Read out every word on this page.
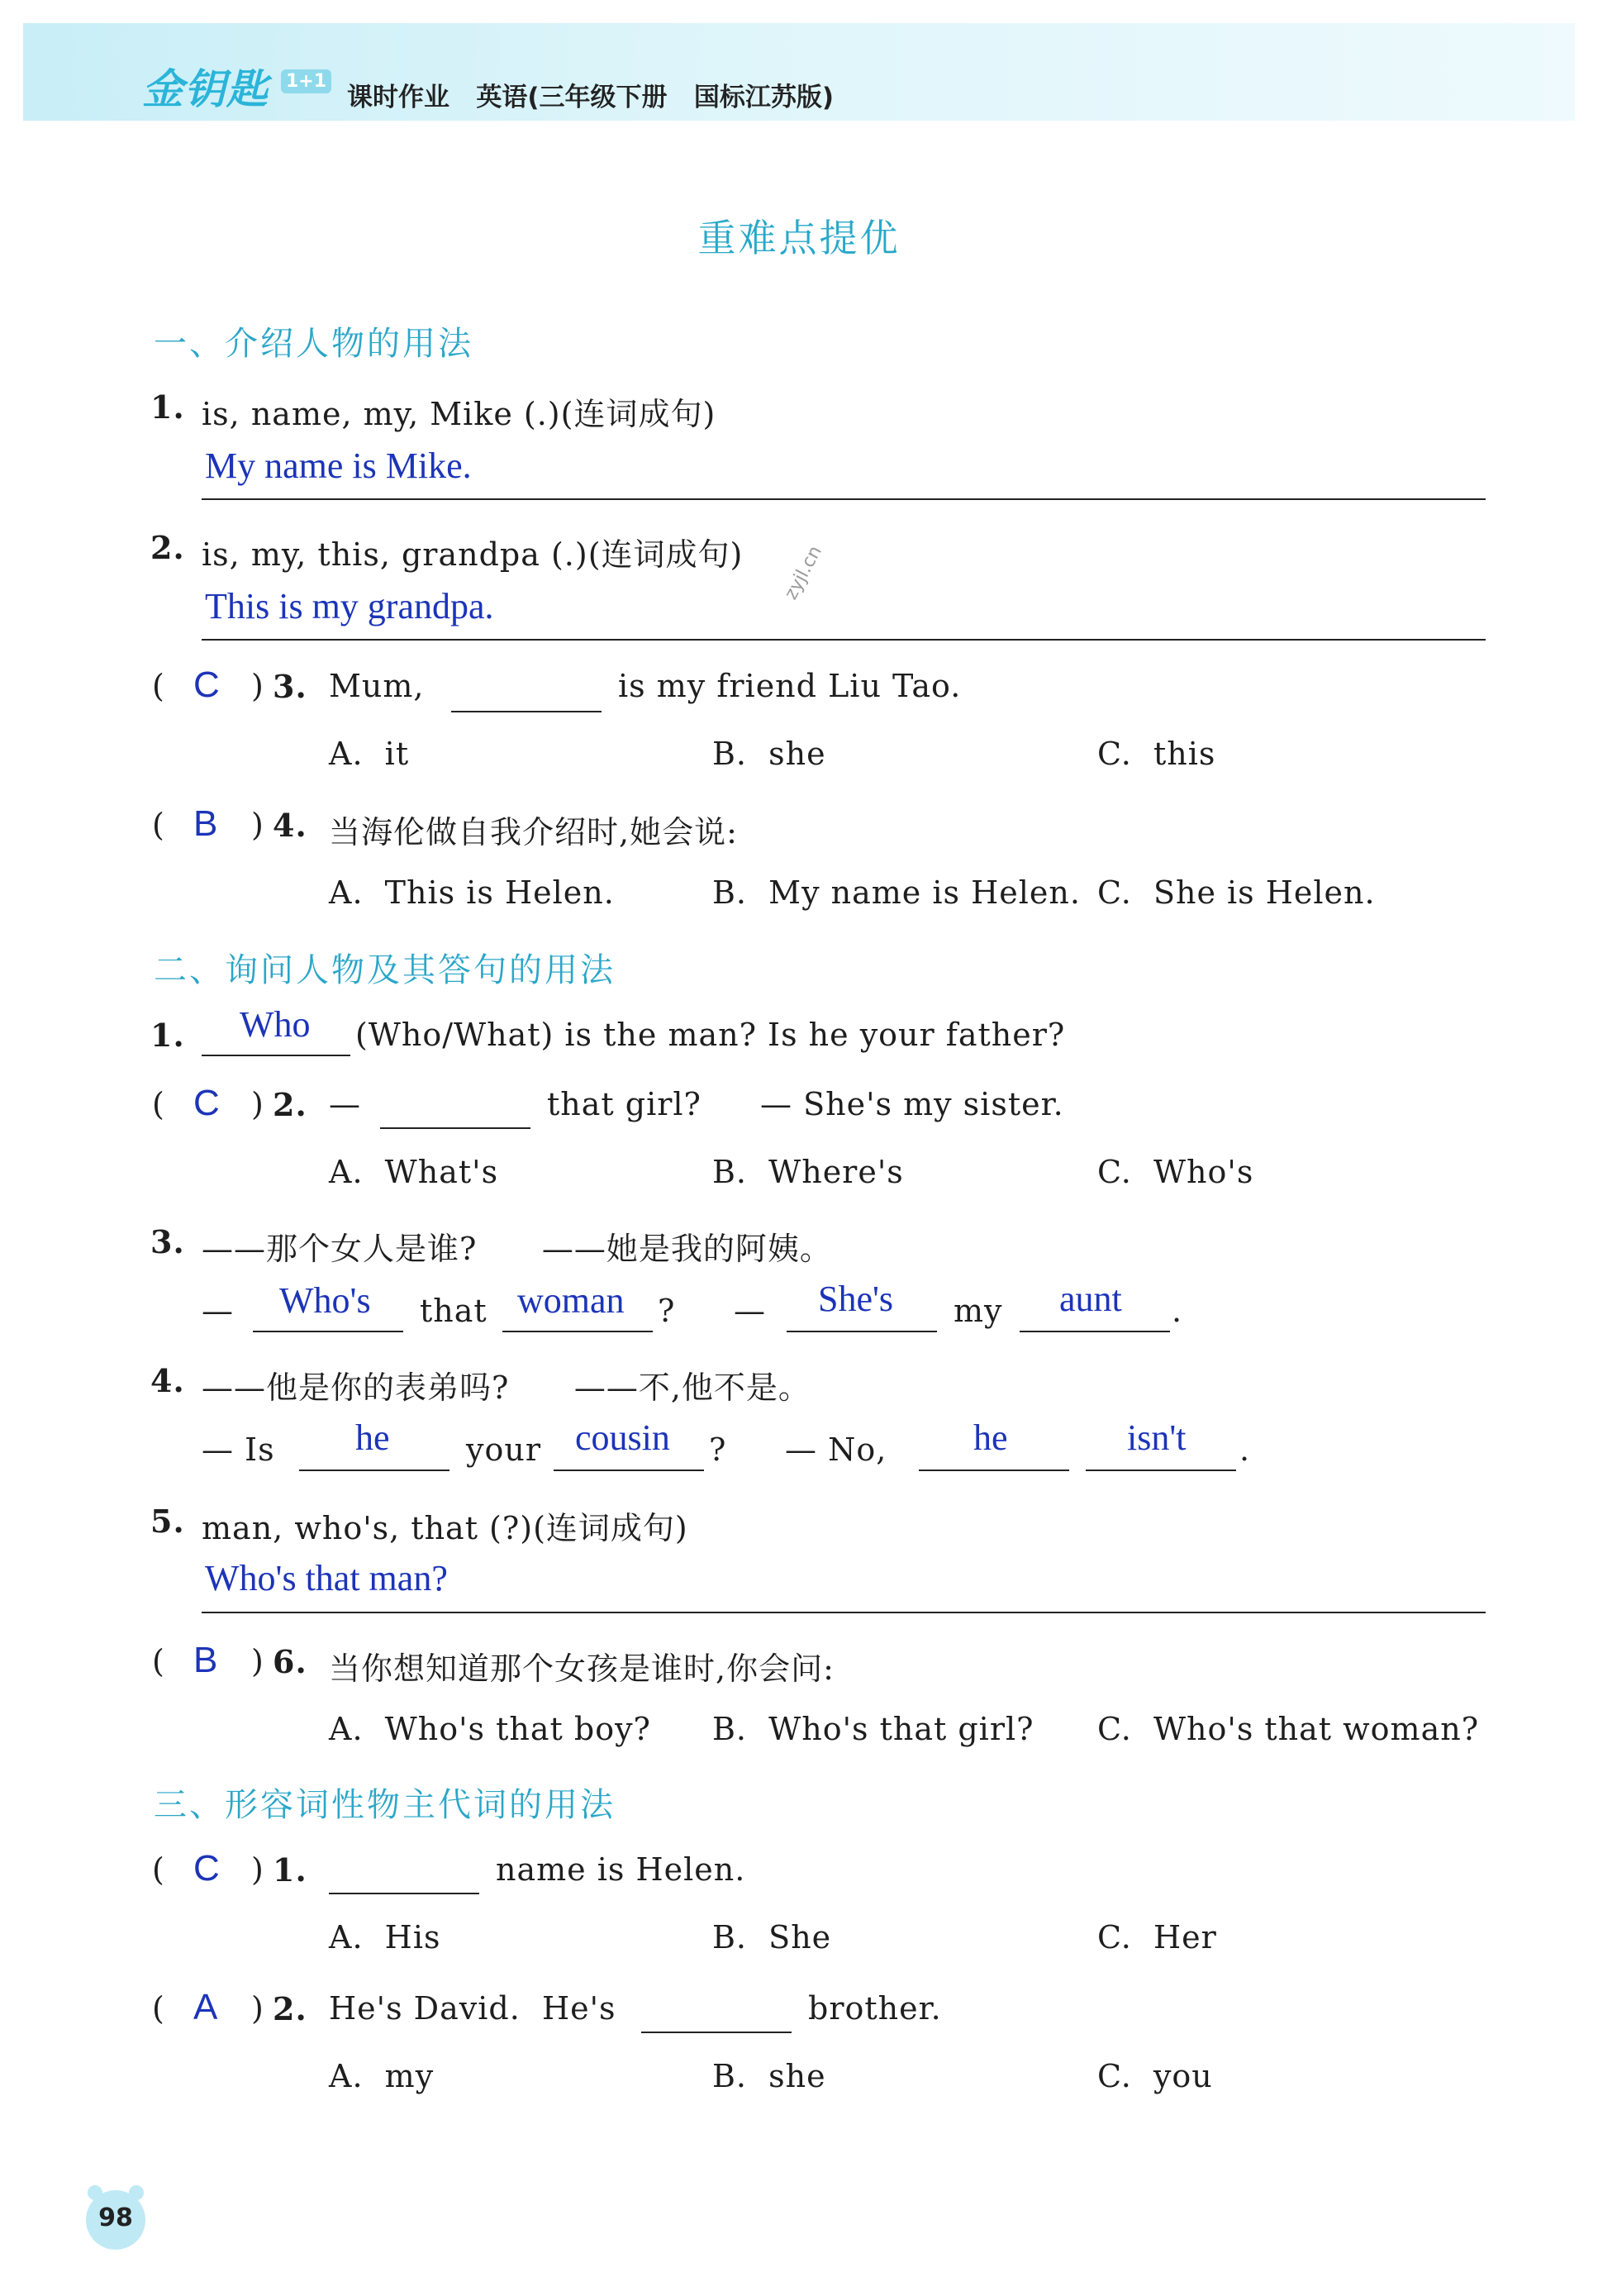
金钥匙 1+1
课时作业   英语(三年级下册   国标江苏版)
重难点提优
zyjl.cn
一、介绍人物的用法
1. is, name, my, Mike (.)(连词成句)
My name is Mike.
2. is, my, this, grandpa (.)(连词成句)
This is my grandpa.
( C ) 3. Mum,	is my friend Liu Tao.
A.  it	B.  she	C.  this
( B ) 4. 当海伦做自我介绍时,她会说:
A.  This is Helen.	B.  My name is Helen. C.  She is Helen.
二、询问人物及其答句的用法
1. Who (Who/What) is the man? Is he your father?
( C ) 2. —	that girl? — She's my sister.
A.  What's	B.  Where's	C.  Who's
3. ——那个女人是谁?      ——她是我的阿姨。
— Who's that woman ? — She's my aunt .
4. ——他是你的表弟吗?      ——不,他不是。
— Is he your cousin ? — No, he	isn't .
5. man, who's, that (?)(连词成句)
Who's that man?
( B ) 6. 当你想知道那个女孩是谁时,你会问:
A.  Who's that boy? B.  Who's that girl? C.  Who's that woman?
三、形容词性物主代词的用法
( C ) 1.	name is Helen.
A.  His	B.  She	C.  Her
( A ) 2. He's David.  He's	brother.
A.  my	B.  she	C.  you
98
